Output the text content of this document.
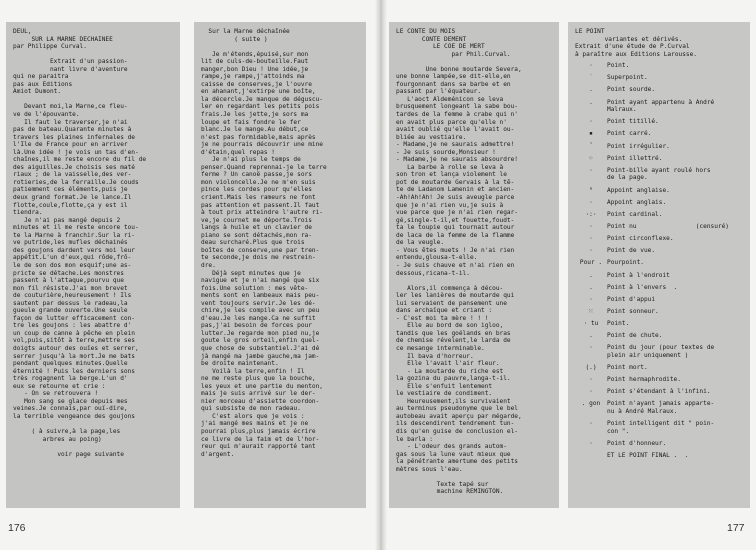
DEUL,
SUR LA MARNE DECHAINEE
par Philippe Curval.

Extrait d'un passion-
nant livre d'aventure
qui ne paraitra
pas aux Editions
Amiot Dumont.

Devant moi,la Marne,ce fleu-
ve de l'épouvante.
Il faut le traverser,je n'ai
pas de bateau.Quarante minutes à
travers les plaines infernales de
l'Ile de France pour en arriver
là.Une idée ! je vois un tas d'en-
chaînes,il me reste encore du fil de
des aiguilles.Je choisis ses maté
riaux ; de la vaisselle,des ver-
rotieries,de la ferraille.Je couds
patiemment ces éléments,puis je
deux grand format.Je le lance.Il
flotte,coule,flotte,ça y est il
tiendra.
Je n'ai pas mangé depuis 2
minutes et il me reste encore tou-
te la Marne à franchir.Sur la ri-
ve putride,les mufles déchainés
des goujons dardent vers moi leur
appétit.L'un d'eux,qui rôde,frô-
le de son dos mon esquif;une as-
pricte se détache.Les monstres
passent à l'attaque,pourvu que
mon fil résiste.J'ai mon brevet
de couturière,heureusement ! Ils
sautent par dessus le radeau,la
gueule grande ouverte.Une seule
façon de lutter efficacement con-
tre les goujons : les abattre d'
un coup de canne à pêche en plein
vol,puis,sitôt à terre,mettre ses
doigts autour des ouïes et serrer,
serrer jusqu'à la mort.Je me bats
pendant quelques minutes.Quelle
éternité ! Puis les derniers sons
très rogagnent la berge.L'un d'
eux se retourne et crie :
- On se retrouvera !
Mon sang se glace depuis mes
veines.Je connais,par ouï-dire,
la terrible vengeance des goujons

( à suivre,à la page,les
arbres au poing)

voir page suivante
Sur la Marne déchaînée
( suite )

Je m'étends,épuisé,sur mon
lit de culs-de-bouteille.Faut
manger,bon Dieu ! Une idée,je
rampe,je rampe,j'attoinds ma
caisse de conserves,je l'ouvre
en ahanant,j'extirpe une boîte,
la décercle.Je manque de déguscu-
ler en regardant les petits pois
frais.Je les jette,je sors ma
loupe et fais fondre le fer
blanc.Je le mange.Au début,ce
n'est pas formidable,mais après
je ne pourrais découvrir une mine
d'étain,quel repas !
Je n'ai plus le temps de
penser.Quand reprennai-je le terre
ferme ? Un canoë passe,je sors
mon violoncelle.Je ne m'en suis
pince les cordes pour qu'elles
crient.Mais les rameurs ne font
pas attention et passent.Il faut
à tout prix atteindre l'autre ri-
ve,je cournet me déporte.Trois
langs à huile et un clavier de
piano se sont détachés,mon ra-
deau surcharé.Plus que trois
boîtes de conserve,une par tren-
te seconde,je dois me restrein-
dre.
Déjà sept minutes que je
navigue et je n'ai mangé que six
fois.Une solution : mes vête-
ments sont en lambeaux mais peu-
vent toujours servir.Je les dé-
chire,je les compile avec un peu
d'eau.Je les mange.Ca ne suffit
pas,j'ai besoin de forces pour
lutter.Je regarde mon pied nu,je
goute le gros orteil,enfin quel-
que chose de substantiel.J'ai dé
jà mangé ma jambe gauche,ma jam-
be droite maintenant.
Voilà la terre,enfin ! Il
ne me reste plus que la bouche,
les yeux et une partie du menton,
mais je suis arrivé sur le der-
nier morceau d'assiette coordon-
qui subsiste de mon radeau.
C'est alors que je vois :
j'ai mangé mes mains et je ne
pourrai plus,plus jamais écrire
ce livre de la faim et de l'hor-
reur qui m'aurait rapporté tant
d'argent.
LE CONTE DU MOIS
CONTE DEMENT
LE COE DE MERT
par Phil.Curval.

Une bonne moutarde Severa,
une bonne lampée,se dit-elle,en
fourgonnant dans sa barbe et en
passant par l'équateur.
L'aoct Aldeménicon se leva
brusquement longeant la sabe bou-
tardes de la femme à crabe qui n'
en avait plus parce qu'elle n'
avait oublié qu'elle l'avait ou-
bliée au vestiaire.
- Madame,je ne saurais admettre!
- Je suis sourde,Monsieur !
- Madame,je ne saurais absourdre!
La barbe à rolle se leva à
son tron et lança violement le
pot de moutarde Gervais à la tê-
te de Ladanom Lamenin et ancien-
-Ah!Ah!Ah! Je suis aveugle parce
que je n'ai rien vu,je suis à
vue parce que je n'ai rien regar-
gé,single-t-il,et fouette,foudt-
ta le toupie qui tournait autour
de laca de la femme de la flamme
de la veugle.
- Vous êtes muets ! Je n'ai rien
entendu,glousa-t-elle.
- Je suis chauve et n'ai rien en
dessous,ricana-t-il.

Alors,il commença à décou-
ler les lanières de moutarde qui
lui servaient de pansement une
dans archaïque et criant :
- C'est moi ta mère ! ! !
Elle au bord de son igloo,
tandis que les goélands en bras
de chemise révelent,le larda de
ce mesange interminable.
Il bava d'horreur.
Elle l'avait l'air fleur.
- La moutarde du riche est
la gozina du pauvre,langa-t-il.
Elle s'enfuit lentement
le vestiaire de condiment.
Heureusement,ils survivaient
au terminus pseudonyme que le bel
autobeau avait aperçu par mégarde,
ils descendirent tendrement tun-
dis qu'en guise de conclusion el-
le barla :
- L'odeur des grands autom-
gas sous la lune vaut mieux que
la pénétrante amertume des petits
mètres sous l'eau.

Texte tapé sur
machine REMINGTON.
LE POINT
variantes et dérivés.
Extrait d'une étude de P.Curval
à paraître aux Editions Larousse.
·	Point.
˙	Superpoint.
.	Point sourde.
.	Point ayant appartenu à André
Malraux.
·	Point titillé.
▪	Point carré.
ⸯ	Point irrégulier.
⁘	Point illettré.
·	Point-bille ayant roulé hors
de la page.
°	Appoint anglaise.
·	Appoint anglais.
·:·	Point cardinal.
·	Point nu                (censuré)
·	Point circonflexe.
·	Point de vue.
Pour . Pourpoint.
.	Point à l'endroit
.	Point à l'envers  .
·	Point d'appui
⁙	Point sonneur.
· tu	Point.
.	Point de chute.
·	Point du jour (pour textes de
plein air uniquement )
(.)	Point mort.
·	Point hermaphrodite.
·	Point s'étendant à l'infini.
. gon	Point n'ayant jamais apparte-
nu à André Malraux.
·	Point intelligent dit " poin-
con ".
·	Point d'honneur.
ET LE POINT FINAL .  .
176	177
